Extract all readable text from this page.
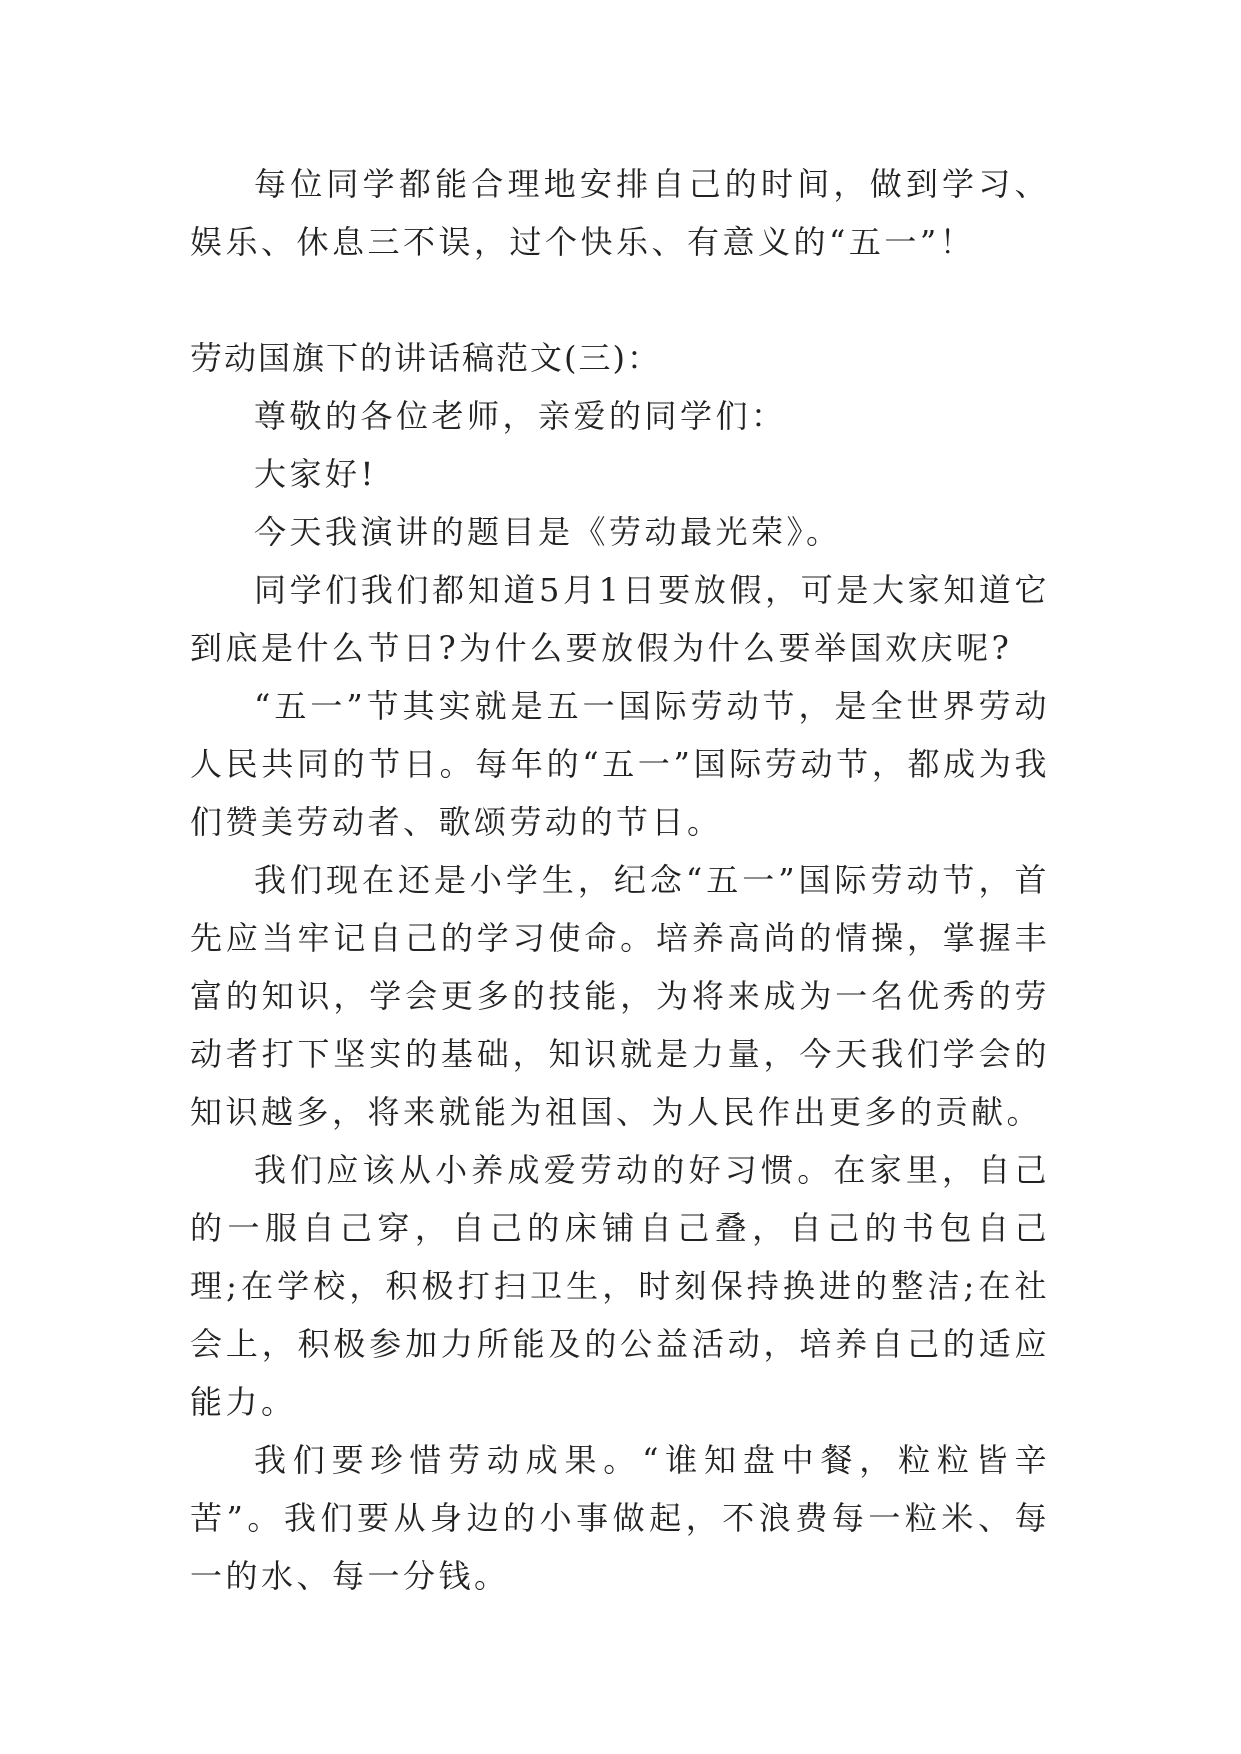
每位同学都能合理地安排自己的时间，做到学习、娱乐、休息三不误，过个快乐、有意义的“五一”！

劳动国旗下的讲话稿范文(三)：

尊敬的各位老师，亲爱的同学们：

大家好!

今天我演讲的题目是《劳动最光荣》。

同学们我们都知道5月1日要放假，可是大家知道它到底是什么节日?为什么要放假为什么要举国欢庆呢?

“五一”节其实就是五一国际劳动节，是全世界劳动人民共同的节日。每年的“五一”国际劳动节，都成为我们赞美劳动者、歌颂劳动的节日。

我们现在还是小学生，纪念“五一”国际劳动节，首先应当牢记自己的学习使命。培养高尚的情操，掌握丰富的知识，学会更多的技能，为将来成为一名优秀的劳动者打下坚实的基础，知识就是力量，今天我们学会的知识越多，将来就能为祖国、为人民作出更多的贡献。

我们应该从小养成爱劳动的好习惯。在家里，自己的一服自己穿，自己的床铺自己叠，自己的书包自己理;在学校，积极打扫卫生，时刻保持换进的整洁;在社会上，积极参加力所能及的公益活动，培养自己的适应能力。

我们要珍惜劳动成果。“谁知盘中餐，粒粒皆辛苦”。我们要从身边的小事做起，不浪费每一粒米、每一的水、每一分钱。
